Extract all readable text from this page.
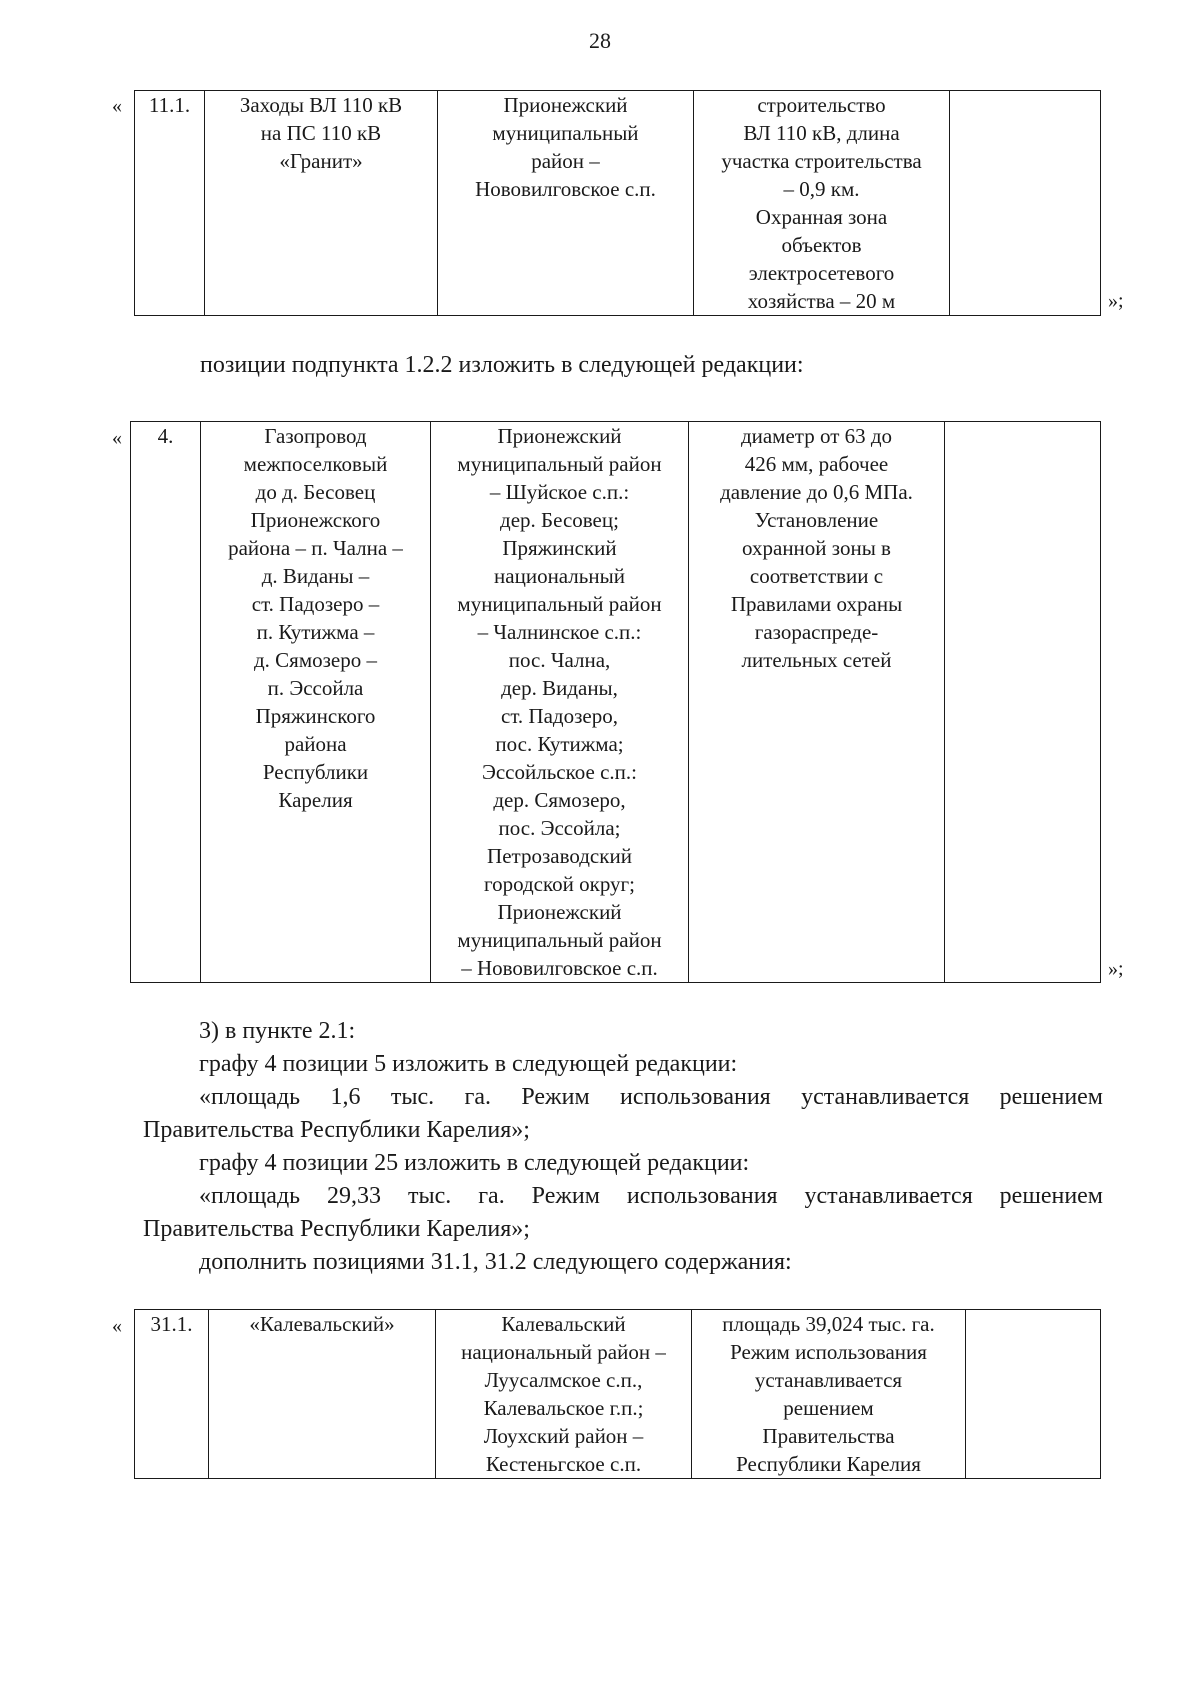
28
« 11.1.	Заходы ВЛ 110 кВ
на ПС 110 кВ
«Гранит»	Прионежский
муниципальный
район –
Нововилговское с.п.	строительство
ВЛ 110 кВ, длина
участка строительства
– 0,9 км.
Охранная зона
объектов
электросетевого
хозяйства – 20 м		»;
позиции подпункта 1.2.2 изложить в следующей редакции:
« 4.	Газопровод
межпоселковый
до д. Бесовец
Прионежского
района – п. Чална –
д. Виданы –
ст. Падозеро –
п. Кутижма –
д. Сямозеро –
п. Эссойла
Пряжинского
района
Республики
Карелия	Прионежский
муниципальный район
– Шуйское с.п.:
дер. Бесовец;
Пряжинский
национальный
муниципальный район
– Чалнинское с.п.:
пос. Чална,
дер. Виданы,
ст. Падозеро,
пос. Кутижма;
Эссойльское с.п.:
дер. Сямозеро,
пос. Эссойла;
Петрозаводский
городской округ;
Прионежский
муниципальный район
– Нововилговское с.п.	диаметр от 63 до
426 мм, рабочее
давление до 0,6 МПа.
Установление
охранной зоны в
соответствии с
Правилами охраны
газораспреде-
лительных сетей	
»;
3) в пункте 2.1:
графу 4 позиции 5 изложить в следующей редакции:
«площадь 1,6 тыс. га. Режим использования устанавливается решением
Правительства Республики Карелия»;
графу 4 позиции 25 изложить в следующей редакции:
«площадь 29,33 тыс. га. Режим использования устанавливается решением
Правительства Республики Карелия»;
дополнить позициями 31.1, 31.2 следующего содержания:
« 31.1.	«Калевальский»	Калевальский
национальный район –
Луусалмское с.п.,
Калевальское г.п.;
Лоухский район –
Кестеньгское с.п.	площадь 39,024 тыс. га.
Режим использования
устанавливается
решением
Правительства
Республики Карелия	
